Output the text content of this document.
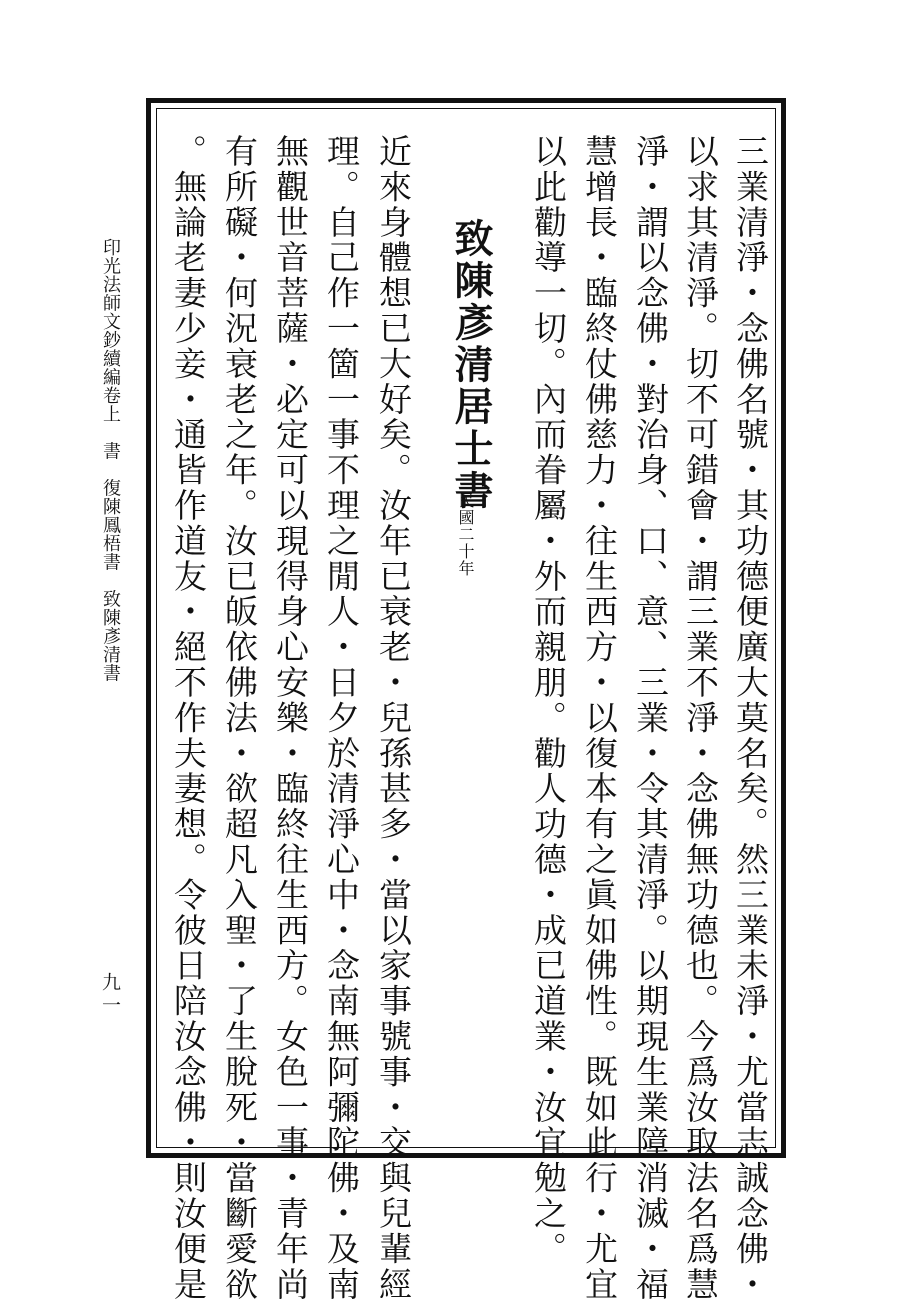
三業清淨・念佛名號・其功德便廣大莫名矣。然三業未淨・尤當志誠念佛・
以求其清淨。切不可錯會・謂三業不淨・念佛無功德也。今爲汝取法名爲慧
淨・謂以念佛・對治身、口、意、三業・令其清淨。以期現生業障消滅・福
慧增長・臨終仗佛慈力・往生西方・以復本有之眞如佛性。既如此行・尤宜
以此勸導一切。內而眷屬・外而親朋。勸人功德・成已道業・汝宜勉之。
致陳彥清居士書
民國二十年
近來身體想已大好矣。汝年已衰老・兒孫甚多・當以家事號事・交與兒輩經
理。自己作一箇一事不理之閒人・日夕於清淨心中・念南無阿彌陀佛・及南
無觀世音菩薩・必定可以現得身心安樂・臨終往生西方。女色一事・青年尚
有所礙・何況衰老之年。汝已皈依佛法・欲超凡入聖・了生脫死・當斷愛欲
。無論老妻少妾・通皆作道友・絕不作夫妻想。令彼日陪汝念佛・則汝便是
印光法師文鈔續編卷上　書　復陳鳳梧書　致陳彥清書
九一
